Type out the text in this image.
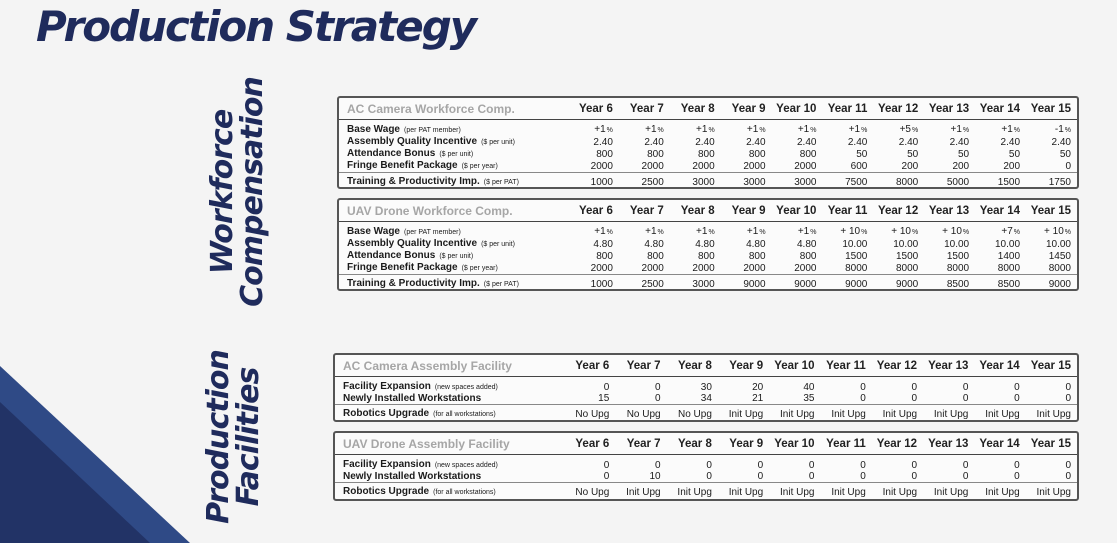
Production Strategy
Workforce
Compensation
Production
Facilities
AC Camera Workforce Comp.	Year 6	Year 7	Year 8	Year 9	Year 10	Year 11	Year 12	Year 13	Year 14	Year 15
Base Wage (per PAT member)	+1%	+1%	+1%	+1%	+1%	+1%	+5%	+1%	+1%	-1%
Assembly Quality Incentive ($ per unit)	2.40	2.40	2.40	2.40	2.40	2.40	2.40	2.40	2.40	2.40
Attendance Bonus ($ per unit)	800	800	800	800	800	50	50	50	50	50
Fringe Benefit Package ($ per year)	2000	2000	2000	2000	2000	600	200	200	200	0
Training & Productivity Imp. ($ per PAT)	1000	2500	3000	3000	3000	7500	8000	5000	1500	1750
UAV Drone Workforce Comp.	Year 6	Year 7	Year 8	Year 9	Year 10	Year 11	Year 12	Year 13	Year 14	Year 15
Base Wage (per PAT member)	+1%	+1%	+1%	+1%	+1%	+ 10%	+ 10%	+ 10%	+7%	+ 10%
Assembly Quality Incentive ($ per unit)	4.80	4.80	4.80	4.80	4.80	10.00	10.00	10.00	10.00	10.00
Attendance Bonus ($ per unit)	800	800	800	800	800	1500	1500	1500	1400	1450
Fringe Benefit Package ($ per year)	2000	2000	2000	2000	2000	8000	8000	8000	8000	8000
Training & Productivity Imp. ($ per PAT)	1000	2500	3000	9000	9000	9000	9000	8500	8500	9000
AC Camera Assembly Facility	Year 6	Year 7	Year 8	Year 9	Year 10	Year 11	Year 12	Year 13	Year 14	Year 15
Facility Expansion (new spaces added)	0	0	30	20	40	0	0	0	0	0
Newly Installed Workstations	15	0	34	21	35	0	0	0	0	0
Robotics Upgrade (for all workstations)	No Upg	No Upg	No Upg	Init Upg	Init Upg	Init Upg	Init Upg	Init Upg	Init Upg	Init Upg
UAV Drone Assembly Facility	Year 6	Year 7	Year 8	Year 9	Year 10	Year 11	Year 12	Year 13	Year 14	Year 15
Facility Expansion (new spaces added)	0	0	0	0	0	0	0	0	0	0
Newly Installed Workstations	0	10	0	0	0	0	0	0	0	0
Robotics Upgrade (for all workstations)	No Upg	Init Upg	Init Upg	Init Upg	Init Upg	Init Upg	Init Upg	Init Upg	Init Upg	Init Upg
